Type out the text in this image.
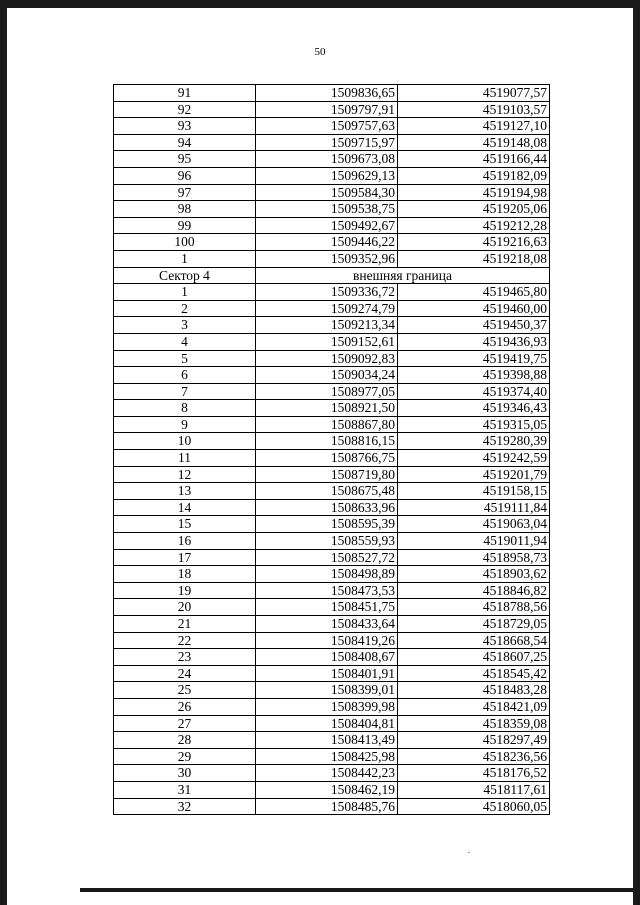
50
91	1509836,65	4519077,57
92	1509797,91	4519103,57
93	1509757,63	4519127,10
94	1509715,97	4519148,08
95	1509673,08	4519166,44
96	1509629,13	4519182,09
97	1509584,30	4519194,98
98	1509538,75	4519205,06
99	1509492,67	4519212,28
100	1509446,22	4519216,63
1	1509352,96	4519218,08
Сектор 4	внешняя граница	
1	1509336,72	4519465,80
2	1509274,79	4519460,00
3	1509213,34	4519450,37
4	1509152,61	4519436,93
5	1509092,83	4519419,75
6	1509034,24	4519398,88
7	1508977,05	4519374,40
8	1508921,50	4519346,43
9	1508867,80	4519315,05
10	1508816,15	4519280,39
11	1508766,75	4519242,59
12	1508719,80	4519201,79
13	1508675,48	4519158,15
14	1508633,96	4519111,84
15	1508595,39	4519063,04
16	1508559,93	4519011,94
17	1508527,72	4518958,73
18	1508498,89	4518903,62
19	1508473,53	4518846,82
20	1508451,75	4518788,56
21	1508433,64	4518729,05
22	1508419,26	4518668,54
23	1508408,67	4518607,25
24	1508401,91	4518545,42
25	1508399,01	4518483,28
26	1508399,98	4518421,09
27	1508404,81	4518359,08
28	1508413,49	4518297,49
29	1508425,98	4518236,56
30	1508442,23	4518176,52
31	1508462,19	4518117,61
32	1508485,76	4518060,05
